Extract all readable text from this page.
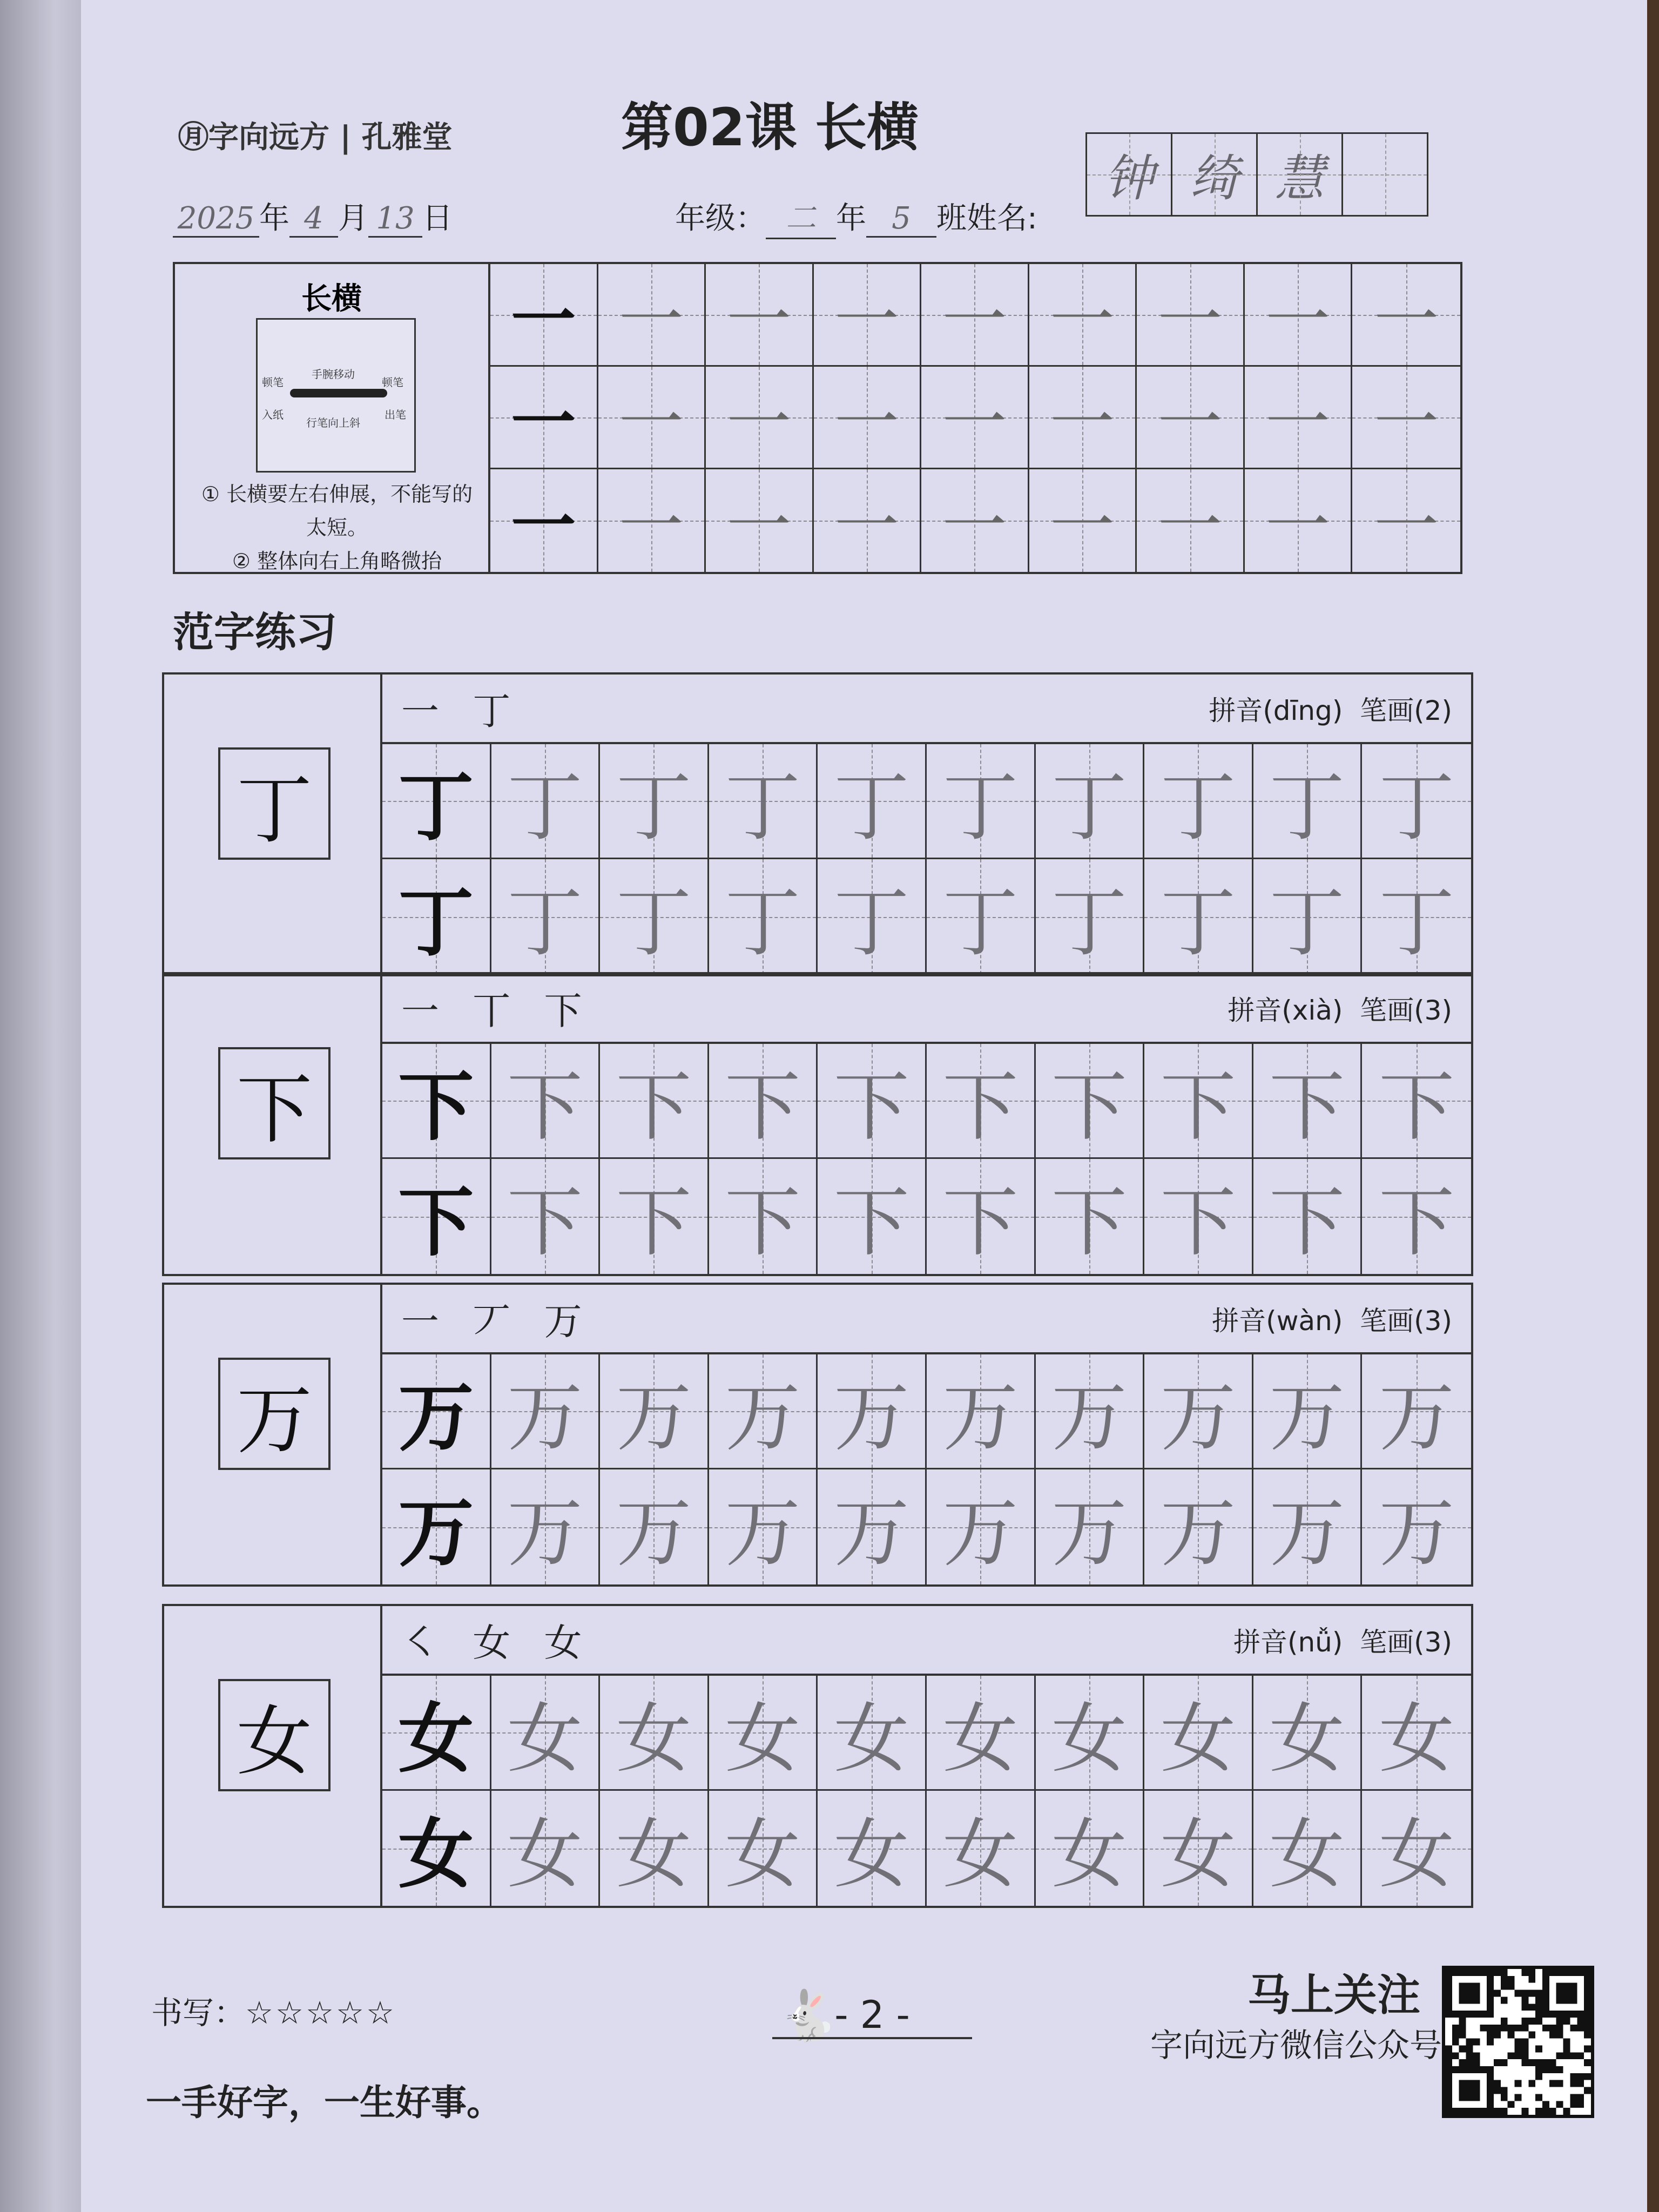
㊊字向远方 | 孔雅堂	第02课 长横
2025 年 4 月 13 日	年级： 二 年 5 班姓名:
钟 绮 慧
长横
顿笔
手腕移动
顿笔
入纸
行笔向上斜
出笔
① 长横要左右伸展，不能写的太短。
② 整体向右上角略微抬
一 一 一 一 一 一 一 一 一
一 一 一 一 一 一 一 一 一
一 一 一 一 一 一 一 一 一
范字练习
丁
一 丁	拼音(dīng) 笔画(2)
丁 丁 丁 丁 丁 丁 丁 丁 丁 丁
丁 丁 丁 丁 丁 丁 丁 丁 丁 丁
下
一 丅 下	拼音(xià) 笔画(3)
下 下 下 下 下 下 下 下 下 下
下 下 下 下 下 下 下 下 下 下
万
一 丆 万	拼音(wàn) 笔画(3)
万 万 万 万 万 万 万 万 万 万
万 万 万 万 万 万 万 万 万 万
女
㇛ 女 女	拼音(nǚ) 笔画(3)
女 女 女 女 女 女 女 女 女 女
女 女 女 女 女 女 女 女 女 女
书写：☆☆☆☆☆
一手好字，一生好事。
🐇
- 2 -	马上关注
字向远方微信公众号
